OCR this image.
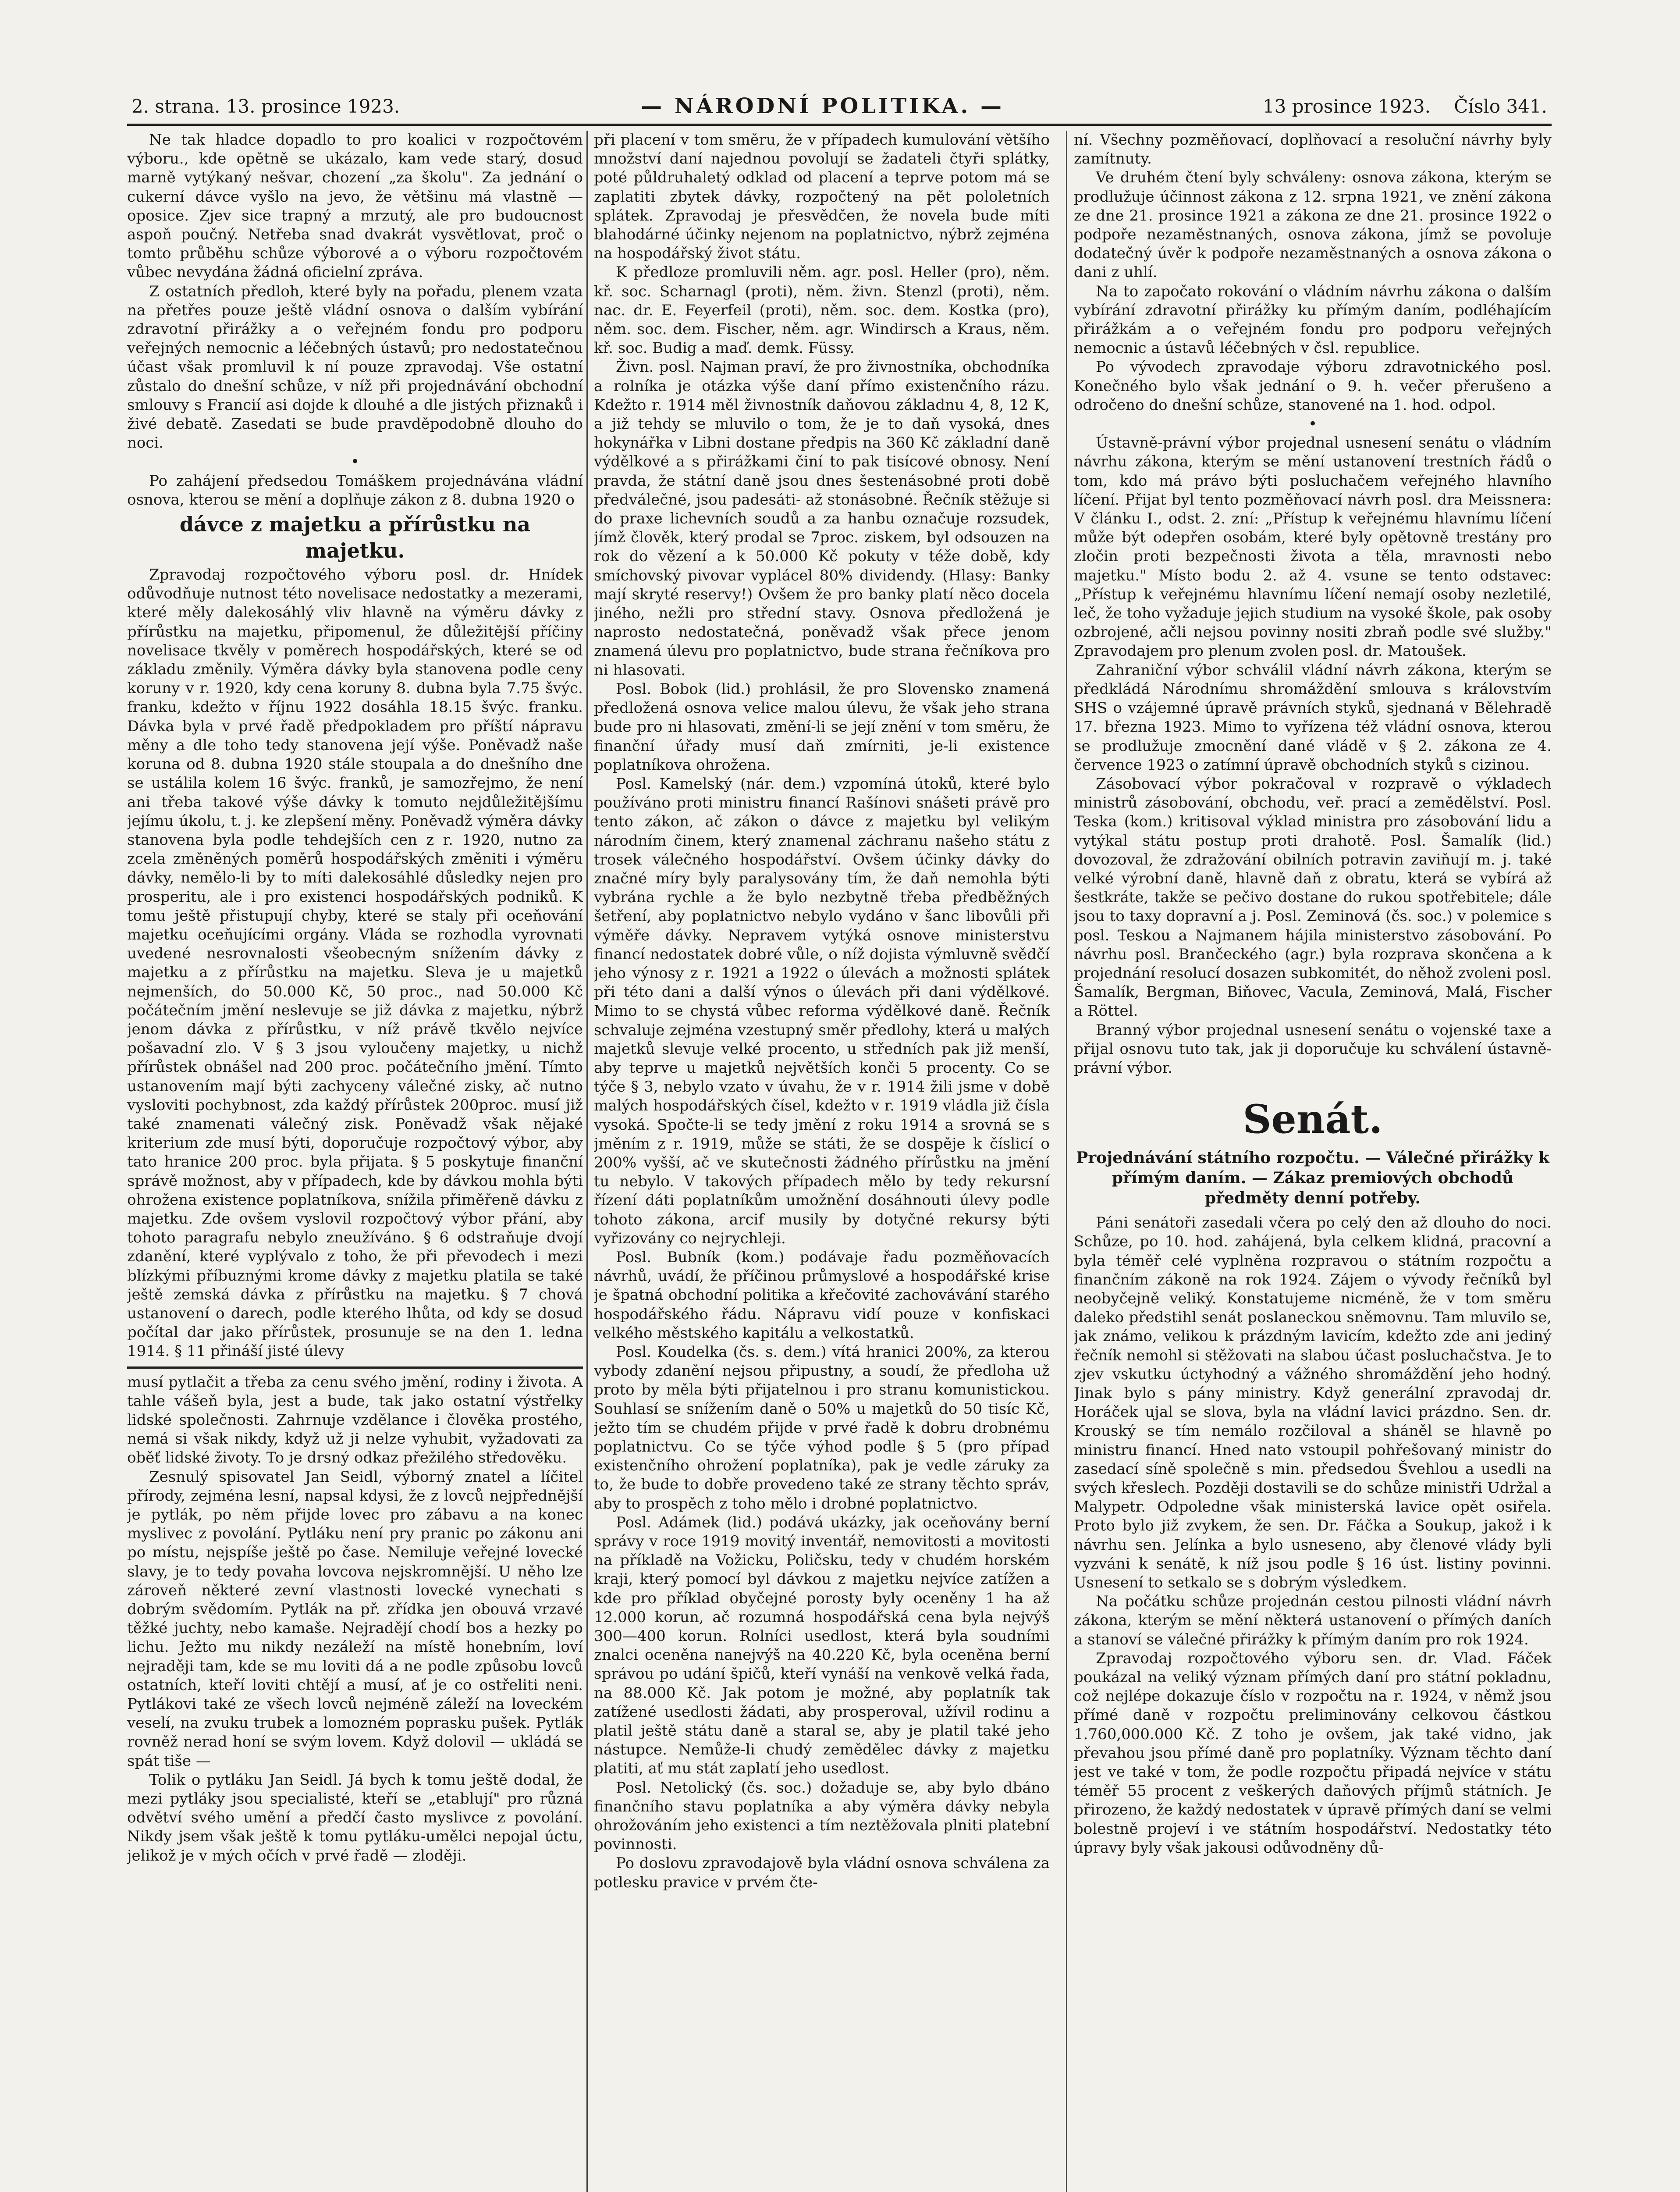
2. strana. 13. prosince 1923.	— NÁRODNÍ POLITIKA. —	13 prosince 1923. Číslo 341.

Ne tak hladce dopadlo to pro koalici v rozpočtovém výboru., kde opětně se ukázalo, kam vede starý, dosud marně vytýkaný nešvar, chození „za školu". Za jednání o cukerní dávce vyšlo na jevo, že většinu má vlastně — oposice. Zjev sice trapný a mrzutý, ale pro budoucnost aspoň poučný. Netřeba snad dvakrát vysvětlovat, proč o tomto průběhu schůze výborové a o výboru rozpočtovém vůbec nevydána žádná oficielní zpráva.

Z ostatních předloh, které byly na pořadu, plenem vzata na přetřes pouze ještě vládní osnova o dalším vybírání zdravotní přirážky a o veřejném fondu pro podporu veřejných nemocnic a léčebných ústavů; pro nedostatečnou účast však promluvil k ní pouze zpravodaj. Vše ostatní zůstalo do dnešní schůze, v níž při projednávání obchodní smlouvy s Francií asi dojde k dlouhé a dle jistých přiznaků i živé debatě. Zasedati se bude pravděpodobně dlouho do noci.

•

Po zahájení předsedou Tomáškem projednávána vládní osnova, kterou se mění a doplňuje zákon z 8. dubna 1920 o

dávce z majetku a přírůstku na majetku.

Zpravodaj rozpočtového výboru posl. dr. Hnídek odůvodňuje nutnost této novelisace nedostatky a mezerami, které měly dalekosáhlý vliv hlavně na výměru dávky z přírůstku na majetku, připomenul, že důležitější příčiny novelisace tkvěly v poměrech hospodářských, které se od základu změnily. Výměra dávky byla stanovena podle ceny koruny v r. 1920, kdy cena koruny 8. dubna byla 7.75 švýc. franku, kdežto v říjnu 1922 dosáhla 18.15 švýc. franku. Dávka byla v prvé řadě předpokladem pro příští nápravu měny a dle toho tedy stanovena její výše. Poněvadž naše koruna od 8. dubna 1920 stále stoupala a do dnešního dne se ustálila kolem 16 švýc. franků, je samozřejmo, že není ani třeba takové výše dávky k tomuto nejdůležitějšímu jejímu úkolu, t. j. ke zlepšení měny. Poněvadž výměra dávky stanovena byla podle tehdejších cen z r. 1920, nutno za zcela změněných poměrů hospodářských změniti i výměru dávky, nemělo-li by to míti dalekosáhlé důsledky nejen pro prosperitu, ale i pro existenci hospodářských podniků. K tomu ještě přistupují chyby, které se staly při oceňování majetku oceňujícími orgány. Vláda se rozhodla vyrovnati uvedené nesrovnalosti všeobecným snížením dávky z majetku a z přírůstku na majetku. Sleva je u majetků nejmenších, do 50.000 Kč, 50 proc., nad 50.000 Kč počátečním jmění neslevuje se již dávka z majetku, nýbrž jenom dávka z přírůstku, v níž právě tkvělo nejvíce pošavadní zlo. V § 3 jsou vyloučeny majetky, u nichž přírůstek obnášel nad 200 proc. počátečního jmění. Tímto ustanovením mají býti zachyceny válečné zisky, ač nutno vysloviti pochybnost, zda každý přírůstek 200proc. musí již také znamenati válečný zisk. Poněvadž však nějaké kriterium zde musí býti, doporučuje rozpočtový výbor, aby tato hranice 200 proc. byla přijata. § 5 poskytuje finanční správě možnost, aby v případech, kde by dávkou mohla býti ohrožena existence poplatníkova, snížila přiměřeně dávku z majetku. Zde ovšem vyslovil rozpočtový výbor přání, aby tohoto paragrafu nebylo zneužíváno. § 6 odstraňuje dvojí zdanění, které vyplývalo z toho, že při převodech i mezi blízkými příbuznými krome dávky z majetku platila se také ještě zemská dávka z přírůstku na majetku. § 7 chová ustanovení o darech, podle kterého lhůta, od kdy se dosud počítal dar jako přírůstek, prosunuje se na den 1. ledna 1914. § 11 přináší jisté úlevy

musí pytlačit a třeba za cenu svého jmění, rodiny i života. A tahle vášeň byla, jest a bude, tak jako ostatní výstřelky lidské společnosti. Zahrnuje vzdělance i člověka prostého, nemá si však nikdy, když už ji nelze vyhubit, vyžadovati za oběť lidské životy. To je drsný odkaz přežilého středověku.

Zesnulý spisovatel Jan Seidl, výborný znatel a líčitel přírody, zejména lesní, napsal kdysi, že z lovců nejpřednější je pytlák, po něm přijde lovec pro zábavu a na konec myslivec z povolání. Pytláku není pry pranic po zákonu ani po místu, nejspíše ještě po čase. Nemiluje veřejné lovecké slavy, je to tedy povaha lovcova nejskromnější. U něho lze zároveň některé zevní vlastnosti lovecké vynechati s dobrým svědomím. Pytlák na př. zřídka jen obouvá vrzavé těžké juchty, nebo kamaše. Nejradějí chodí bos a hezky po lichu. Ježto mu nikdy nezáleží na místě honebním, loví nejraději tam, kde se mu loviti dá a ne podle způsobu lovců ostatních, kteří loviti chtějí a musí, ať je co ostřeliti neni. Pytlákovi také ze všech lovců nejméně záleží na loveckém veselí, na zvuku trubek a lomozném poprasku pušek. Pytlák rovněž nerad honí se svým lovem. Když dolovil — ukládá se spát tiše —

Tolik o pytláku Jan Seidl. Já bych k tomu ještě dodal, že mezi pytláky jsou specialisté, kteří se „etablují" pro různá odvětví svého umění a předčí často myslivce z povolání. Nikdy jsem však ještě k tomu pytláku-umělci nepojal úctu, jelikož je v mých očích v prvé řadě — zloději.

při placení v tom směru, že v případech kumulování většího množství daní najednou povolují se žadateli čtyři splátky, poté půldruhaletý odklad od placení a teprve potom má se zaplatiti zbytek dávky, rozpočtený na pět pololetních splátek. Zpravodaj je přesvědčen, že novela bude míti blahodárné účinky nejenom na poplatnictvo, nýbrž zejména na hospodářský život státu.

K předloze promluvili něm. agr. posl. Heller (pro), něm. kř. soc. Scharnagl (proti), něm. živn. Stenzl (proti), něm. nac. dr. E. Feyerfeil (proti), něm. soc. dem. Kostka (pro), něm. soc. dem. Fischer, něm. agr. Windirsch a Kraus, něm. kř. soc. Budig a maď. demk. Füssy.

Živn. posl. Najman praví, že pro živnostníka, obchodníka a rolníka je otázka výše daní přímo existenčního rázu. Kdežto r. 1914 měl živnostník daňovou základnu 4, 8, 12 K, a již tehdy se mluvilo o tom, že je to daň vysoká, dnes hokynářka v Libni dostane předpis na 360 Kč základní daně výdělkové a s přirážkami činí to pak tisícové obnosy. Není pravda, že státní daně jsou dnes šestenásobné proti době předválečné, jsou padesáti- až stonásobné. Řečník stěžuje si do praxe lichevních soudů a za hanbu označuje rozsudek, jímž člověk, který prodal se 7proc. ziskem, byl odsouzen na rok do vězení a k 50.000 Kč pokuty v téže době, kdy smíchovský pivovar vyplácel 80% dividendy. (Hlasy: Banky mají skryté reservy!) Ovšem že pro banky platí něco docela jiného, nežli pro střední stavy. Osnova předložená je naprosto nedostatečná, poněvadž však přece jenom znamená úlevu pro poplatnictvo, bude strana řečníkova pro ni hlasovati.

Posl. Bobok (lid.) prohlásil, že pro Slovensko znamená předložená osnova velice malou úlevu, že však jeho strana bude pro ni hlasovati, změní-li se její znění v tom směru, že finanční úřady musí daň zmírniti, je-li existence poplatníkova ohrožena.

Posl. Kamelský (nár. dem.) vzpomíná útoků, které bylo používáno proti ministru financí Rašínovi snášeti právě pro tento zákon, ač zákon o dávce z majetku byl velikým národním činem, který znamenal záchranu našeho státu z trosek válečného hospodářství. Ovšem účinky dávky do značné míry byly paralysovány tím, že daň nemohla býti vybrána rychle a že bylo nezbytně třeba předběžných šetření, aby poplatnictvo nebylo vydáno v šanc libovůli při výměře dávky. Nepravem vytýká osnove ministerstvu financí nedostatek dobré vůle, o níž dojista výmluvně svědčí jeho výnosy z r. 1921 a 1922 o úlevách a možnosti splátek při této dani a další výnos o úlevách při dani výdělkové. Mimo to se chystá vůbec reforma výdělkové daně. Řečník schvaluje zejména vzestupný směr předlohy, která u malých majetků slevuje velké procento, u středních pak již menší, aby teprve u majetků největších konči 5 procenty. Co se týče § 3, nebylo vzato v úvahu, že v r. 1914 žili jsme v době malých hospodářských čísel, kdežto v r. 1919 vládla již čísla vysoká. Spočte-li se tedy jmění z roku 1914 a srovná se s jměním z r. 1919, může se státi, že se dospěje k číslicí o 200% vyšší, ač ve skutečnosti žádného přírůstku na jmění tu nebylo. V takových případech mělo by tedy rekursní řízení dáti poplatníkům umožnění dosáhnouti úlevy podle tohoto zákona, arcif musily by dotyčné rekursy býti vyřizovány co nejrychleji.

Posl. Bubník (kom.) podávaje řadu pozměňovacích návrhů, uvádí, že příčinou průmyslové a hospodářské krise je špatná obchodní politika a křečovité zachovávání starého hospodářského řádu. Nápravu vidí pouze v konfiskaci velkého městského kapitálu a velkostatků.

Posl. Koudelka (čs. s. dem.) vítá hranici 200%, za kterou vybody zdanění nejsou připustny, a soudí, že předloha už proto by měla býti přijatelnou i pro stranu komunistickou. Souhlasí se snížením daně o 50% u majetků do 50 tisíc Kč, ježto tím se chudém přijde v prvé řadě k dobru drobnému poplatnictvu. Co se týče výhod podle § 5 (pro případ existenčního ohrožení poplatníka), pak je vedle záruky za to, že bude to dobře provedeno také ze strany těchto správ, aby to prospěch z toho mělo i drobné poplatnictvo.

Posl. Adámek (lid.) podává ukázky, jak oceňovány berní správy v roce 1919 movitý inventář, nemovitosti a movitosti na příkladě na Vožicku, Poličsku, tedy v chudém horském kraji, který pomocí byl dávkou z majetku nejvíce zatížen a kde pro příklad obyčejné porosty byly oceněny 1 ha až 12.000 korun, ač rozumná hospodářská cena byla nejvýš 300—400 korun. Rolníci usedlost, která byla soudními znalci oceněna nanejvýš na 40.220 Kč, byla oceněna berní správou po udání špičů, kteří vynáší na venkově velká řada, na 88.000 Kč. Jak potom je možné, aby poplatník tak zatížené usedlosti žádati, aby prosperoval, užívil rodinu a platil ještě státu daně a staral se, aby je platil také jeho nástupce. Nemůže-li chudý zemědělec dávky z majetku platiti, ať mu stát zaplatí jeho usedlost.

Posl. Netolický (čs. soc.) dožaduje se, aby bylo dbáno finančního stavu poplatníka a aby výměra dávky nebyla ohrožováním jeho existenci a tím neztěžovala plniti platební povinnosti.

Po doslovu zpravodajově byla vládní osnova schválena za potlesku pravice v prvém čte-

ní. Všechny pozměňovací, doplňovací a resoluční návrhy byly zamítnuty.

Ve druhém čtení byly schváleny: osnova zákona, kterým se prodlužuje účinnost zákona z 12. srpna 1921, ve znění zákona ze dne 21. prosince 1921 a zákona ze dne 21. prosince 1922 o podpoře nezaměstnaných, osnova zákona, jímž se povoluje dodatečný úvěr k podpoře nezaměstnaných a osnova zákona o dani z uhlí.

Na to započato rokování o vládním návrhu zákona o dalším vybírání zdravotní přirážky ku přímým daním, podléhajícím přirážkám a o veřejném fondu pro podporu veřejných nemocnic a ústavů léčebných v čsl. republice.

Po vývodech zpravodaje výboru zdravotnického posl. Konečného bylo však jednání o 9. h. večer přerušeno a odročeno do dnešní schůze, stanovené na 1. hod. odpol.

•

Ústavně-právní výbor projednal usnesení senátu o vládním návrhu zákona, kterým se mění ustanovení trestních řádů o tom, kdo má právo býti posluchačem veřejného hlavního líčení. Přijat byl tento pozměňovací návrh posl. dra Meissnera: V článku I., odst. 2. zní: „Přístup k veřejnému hlavnímu líčení může být odepřen osobám, které byly opětovně trestány pro zločin proti bezpečnosti života a těla, mravnosti nebo majetku." Místo bodu 2. až 4. vsune se tento odstavec: „Přístup k veřejnému hlavnímu líčení nemají osoby nezletilé, leč, že toho vyžaduje jejich studium na vysoké škole, pak osoby ozbrojené, ačli nejsou povinny nositi zbraň podle své služby." Zpravodajem pro plenum zvolen posl. dr. Matoušek.

Zahraniční výbor schválil vládní návrh zákona, kterým se předkládá Národnímu shromáždění smlouva s královstvím SHS o vzájemné úpravě právních styků, sjednaná v Bělehradě 17. března 1923. Mimo to vyřízena též vládní osnova, kterou se prodlužuje zmocnění dané vládě v § 2. zákona ze 4. července 1923 o zatímní úpravě obchodních styků s cizinou.

Zásobovací výbor pokračoval v rozpravě o výkladech ministrů zásobování, obchodu, veř. prací a zemědělství. Posl. Teska (kom.) kritisoval výklad ministra pro zásobování lidu a vytýkal státu postup proti drahotě. Posl. Šamalík (lid.) dovozoval, že zdražování obilních potravin zaviňují m. j. také velké výrobní daně, hlavně daň z obratu, která se vybírá až šestkráte, takže se pečivo dostane do rukou spotřebitele; dále jsou to taxy dopravní a j. Posl. Zeminová (čs. soc.) v polemice s posl. Teskou a Najmanem hájila ministerstvo zásobování. Po návrhu posl. Brančeckého (agr.) byla rozprava skončena a k projednání resolucí dosazen subkomitét, do něhož zvoleni posl. Šamalík, Bergman, Biňovec, Vacula, Zeminová, Malá, Fischer a Röttel.

Branný výbor projednal usnesení senátu o vojenské taxe a přijal osnovu tuto tak, jak ji doporučuje ku schválení ústavně-právní výbor.

Senát.

Projednávání státního rozpočtu. — Válečné přirážky k přímým daním. — Zákaz premiových obchodů předměty denní potřeby.

Páni senátoři zasedali včera po celý den až dlouho do noci. Schůze, po 10. hod. zahájená, byla celkem klidná, pracovní a byla téměř celé vyplněna rozpravou o státním rozpočtu a finančním zákoně na rok 1924. Zájem o vývody řečníků byl neobyčejně veliký. Konstatujeme nicméně, že v tom směru daleko předstihl senát poslaneckou sněmovnu. Tam mluvilo se, jak známo, velikou k prázdným lavicím, kdežto zde ani jediný řečník nemohl si stěžovati na slabou účast posluchačstva. Je to zjev vskutku úctyhodný a vážného shromáždění jeho hodný. Jinak bylo s pány ministry. Když generální zpravodaj dr. Horáček ujal se slova, byla na vládní lavici prázdno. Sen. dr. Krouský se tím nemálo rozčiloval a sháněl se hlavně po ministru financí. Hned nato vstoupil pohřešovaný ministr do zasedací síně společně s min. předsedou Švehlou a usedli na svých křeslech. Později dostavili se do schůze ministři Udržal a Malypetr. Odpoledne však ministerská lavice opět osiřela. Proto bylo již zvykem, že sen. Dr. Fáčka a Soukup, jakož i k návrhu sen. Jelínka a bylo usneseno, aby členové vlády byli vyzváni k senátě, k níž jsou podle § 16 úst. listiny povinni. Usnesení to setkalo se s dobrým výsledkem.

Na počátku schůze projednán cestou pilnosti vládní návrh zákona, kterým se mění některá ustanovení o přímých daních a stanoví se válečné přirážky k přímým daním pro rok 1924.

Zpravodaj rozpočtového výboru sen. dr. Vlad. Fáček poukázal na veliký význam přímých daní pro státní pokladnu, což nejlépe dokazuje číslo v rozpočtu na r. 1924, v němž jsou přímé daně v rozpočtu preliminovány celkovou částkou 1.760,000.000 Kč. Z toho je ovšem, jak také vidno, jak převahou jsou přímé daně pro poplatníky. Význam těchto daní jest ve také v tom, že podle rozpočtu připadá nejvíce v státu téměř 55 procent z veškerých daňových příjmů státních. Je přirozeno, že každý nedostatek v úpravě přímých daní se velmi bolestně projeví i ve státním hospodářství. Nedostatky této úpravy byly však jakousi odůvodněny dů-
